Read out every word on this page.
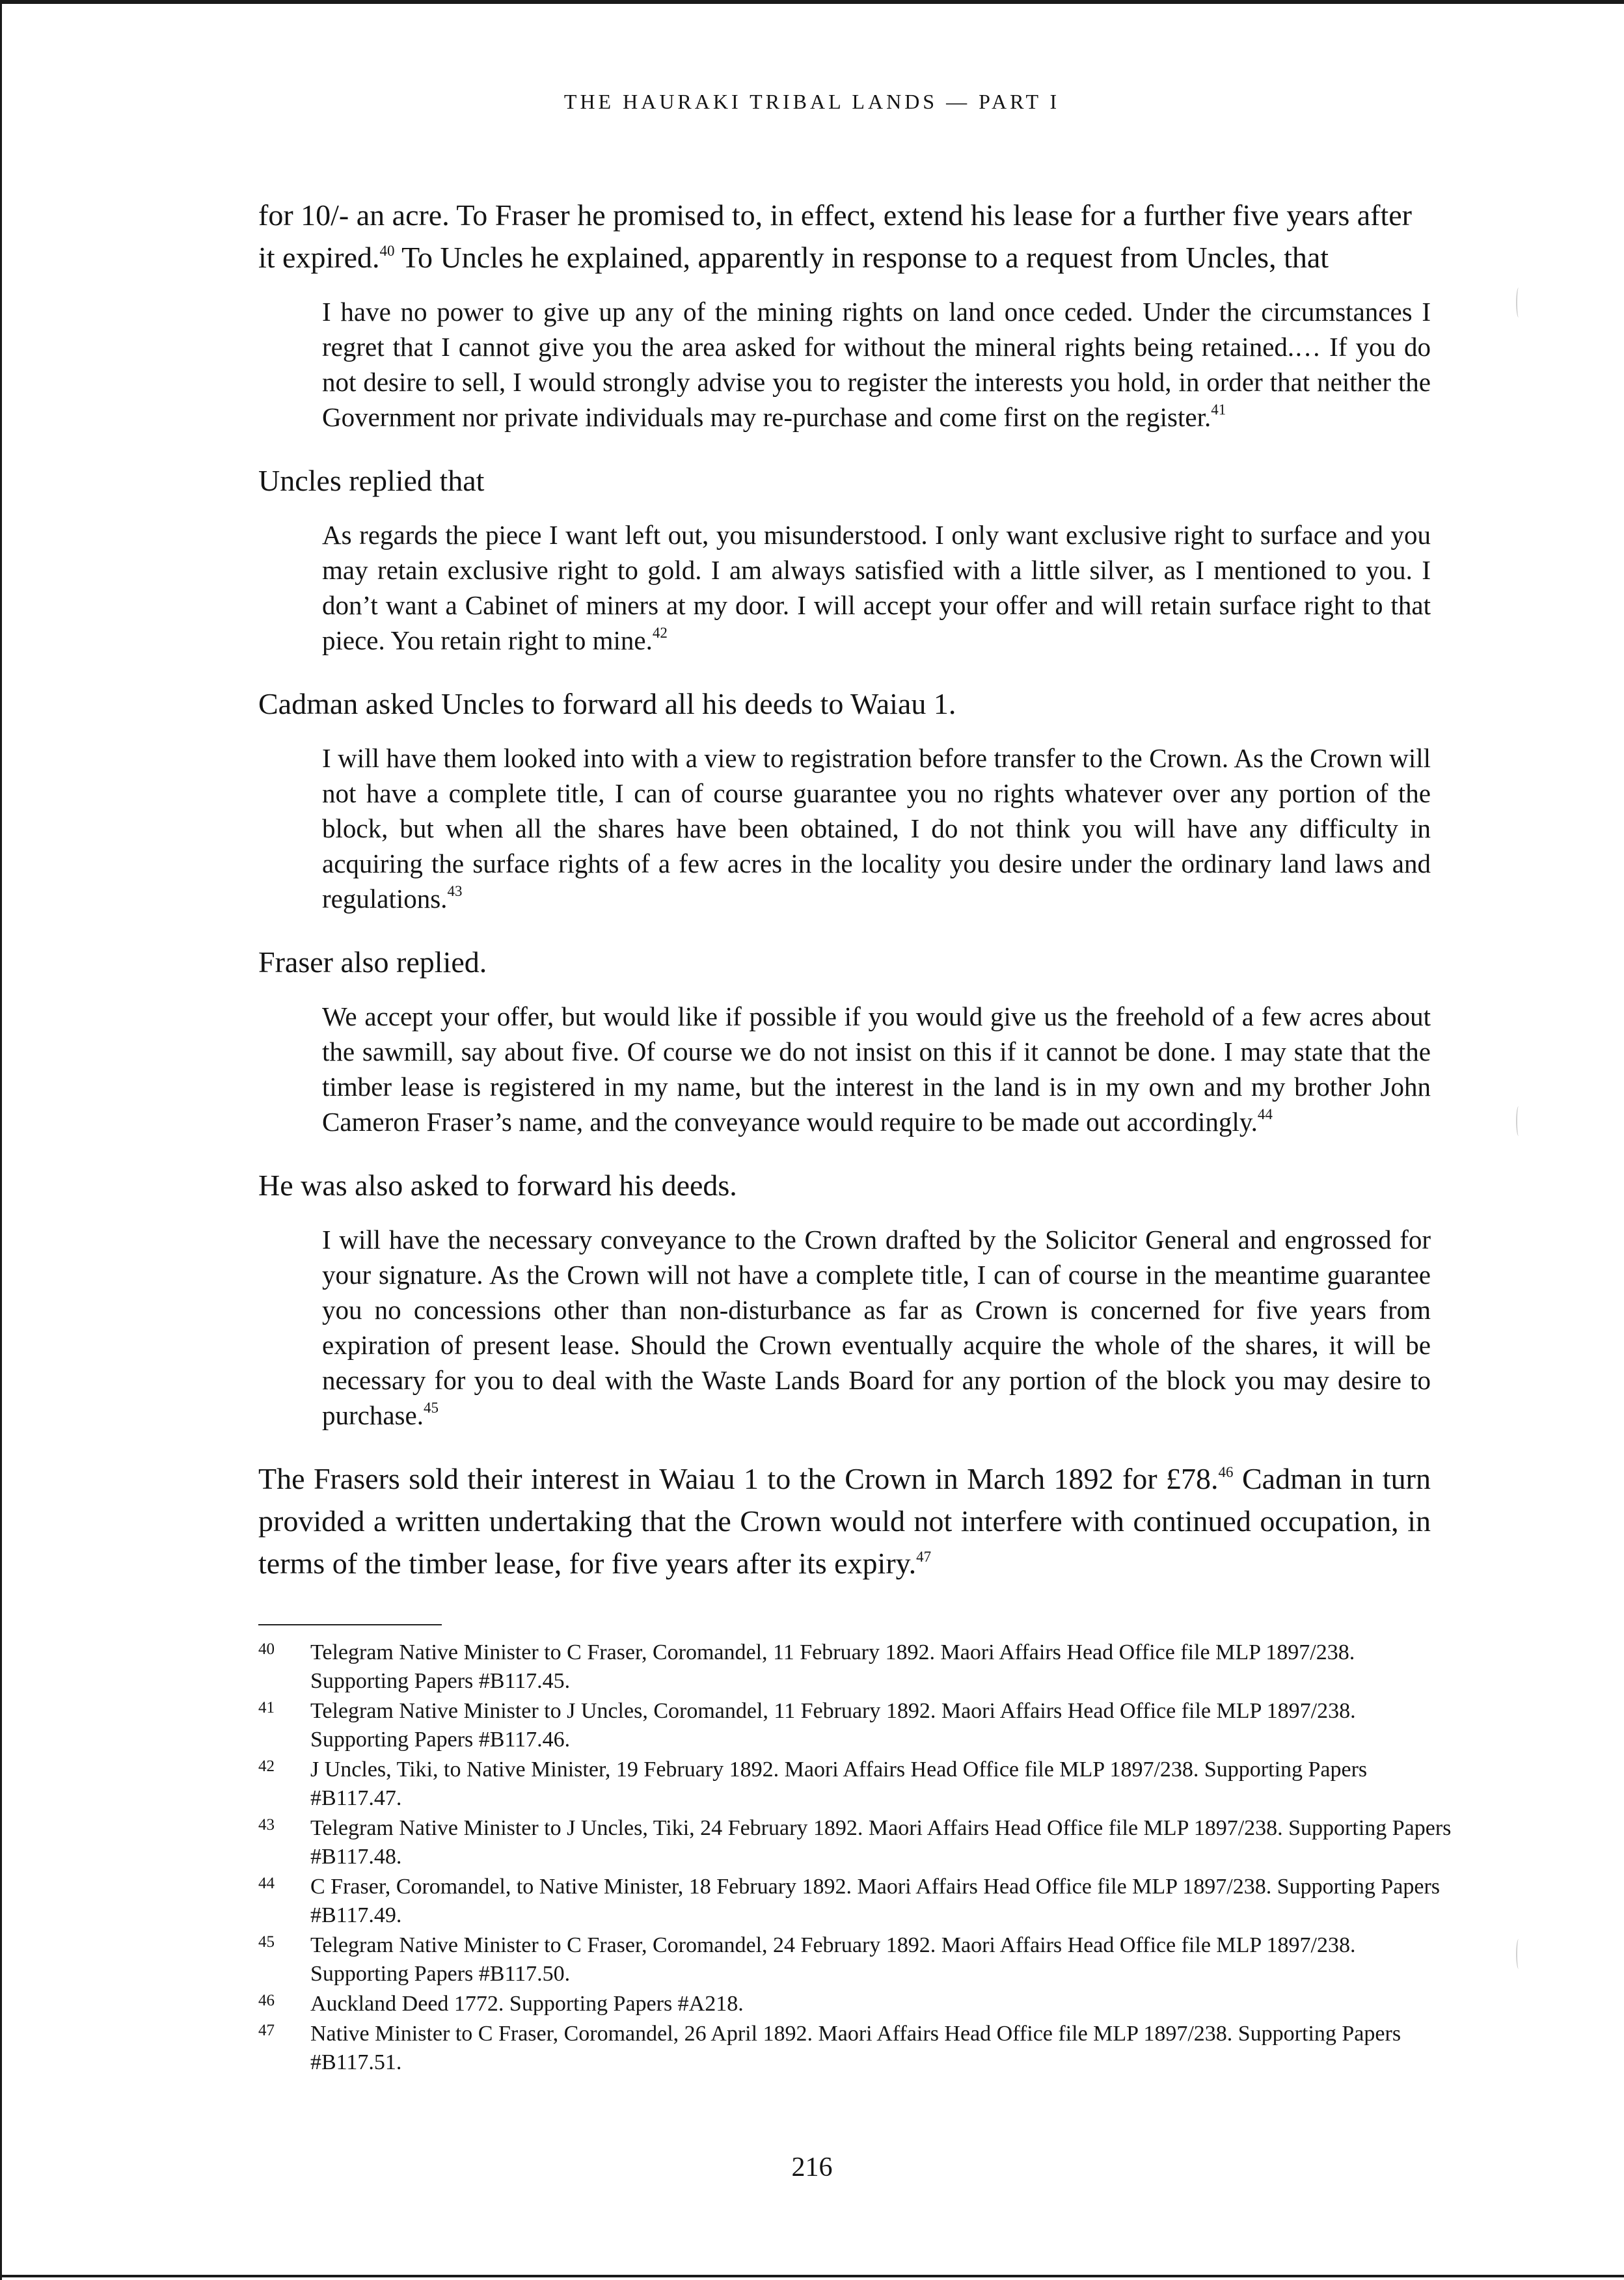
THE HAURAKI TRIBAL LANDS — PART I

for 10/- an acre. To Fraser he promised to, in effect, extend his lease for a further five years after it expired.$^{40}$ To Uncles he explained, apparently in response to a request from Uncles, that

I have no power to give up any of the mining rights on land once ceded. Under the circumstances I regret that I cannot give you the area asked for without the mineral rights being retained.… If you do not desire to sell, I would strongly advise you to register the interests you hold, in order that neither the Government nor private individuals may re-purchase and come first on the register.$^{41}$

Uncles replied that

As regards the piece I want left out, you misunderstood. I only want exclusive right to surface and you may retain exclusive right to gold. I am always satisfied with a little silver, as I mentioned to you. I don’t want a Cabinet of miners at my door. I will accept your offer and will retain surface right to that piece. You retain right to mine.$^{42}$

Cadman asked Uncles to forward all his deeds to Waiau 1.

I will have them looked into with a view to registration before transfer to the Crown. As the Crown will not have a complete title, I can of course guarantee you no rights whatever over any portion of the block, but when all the shares have been obtained, I do not think you will have any difficulty in acquiring the surface rights of a few acres in the locality you desire under the ordinary land laws and regulations.$^{43}$

Fraser also replied.

We accept your offer, but would like if possible if you would give us the freehold of a few acres about the sawmill, say about five. Of course we do not insist on this if it cannot be done. I may state that the timber lease is registered in my name, but the interest in the land is in my own and my brother John Cameron Fraser’s name, and the conveyance would require to be made out accordingly.$^{44}$

He was also asked to forward his deeds.

I will have the necessary conveyance to the Crown drafted by the Solicitor General and engrossed for your signature. As the Crown will not have a complete title, I can of course in the meantime guarantee you no concessions other than non-disturbance as far as Crown is concerned for five years from expiration of present lease. Should the Crown eventually acquire the whole of the shares, it will be necessary for you to deal with the Waste Lands Board for any portion of the block you may desire to purchase.$^{45}$

The Frasers sold their interest in Waiau 1 to the Crown in March 1892 for £78.46 Cadman in turn provided a written undertaking that the Crown would not interfere with continued occupation, in terms of the timber lease, for five years after its expiry.$^{47}$

40	Telegram Native Minister to C Fraser, Coromandel, 11 February 1892. Maori Affairs Head Office file MLP 1897/238. Supporting Papers #B117.45.
41	Telegram Native Minister to J Uncles, Coromandel, 11 February 1892. Maori Affairs Head Office file MLP 1897/238. Supporting Papers #B117.46.
42	J Uncles, Tiki, to Native Minister, 19 February 1892. Maori Affairs Head Office file MLP 1897/238. Supporting Papers #B117.47.
43	Telegram Native Minister to J Uncles, Tiki, 24 February 1892. Maori Affairs Head Office file MLP 1897/238. Supporting Papers #B117.48.
44	C Fraser, Coromandel, to Native Minister, 18 February 1892. Maori Affairs Head Office file MLP 1897/238. Supporting Papers #B117.49.
45	Telegram Native Minister to C Fraser, Coromandel, 24 February 1892. Maori Affairs Head Office file MLP 1897/238. Supporting Papers #B117.50.
46	Auckland Deed 1772. Supporting Papers #A218.
47	Native Minister to C Fraser, Coromandel, 26 April 1892. Maori Affairs Head Office file MLP 1897/238. Supporting Papers #B117.51.
216
